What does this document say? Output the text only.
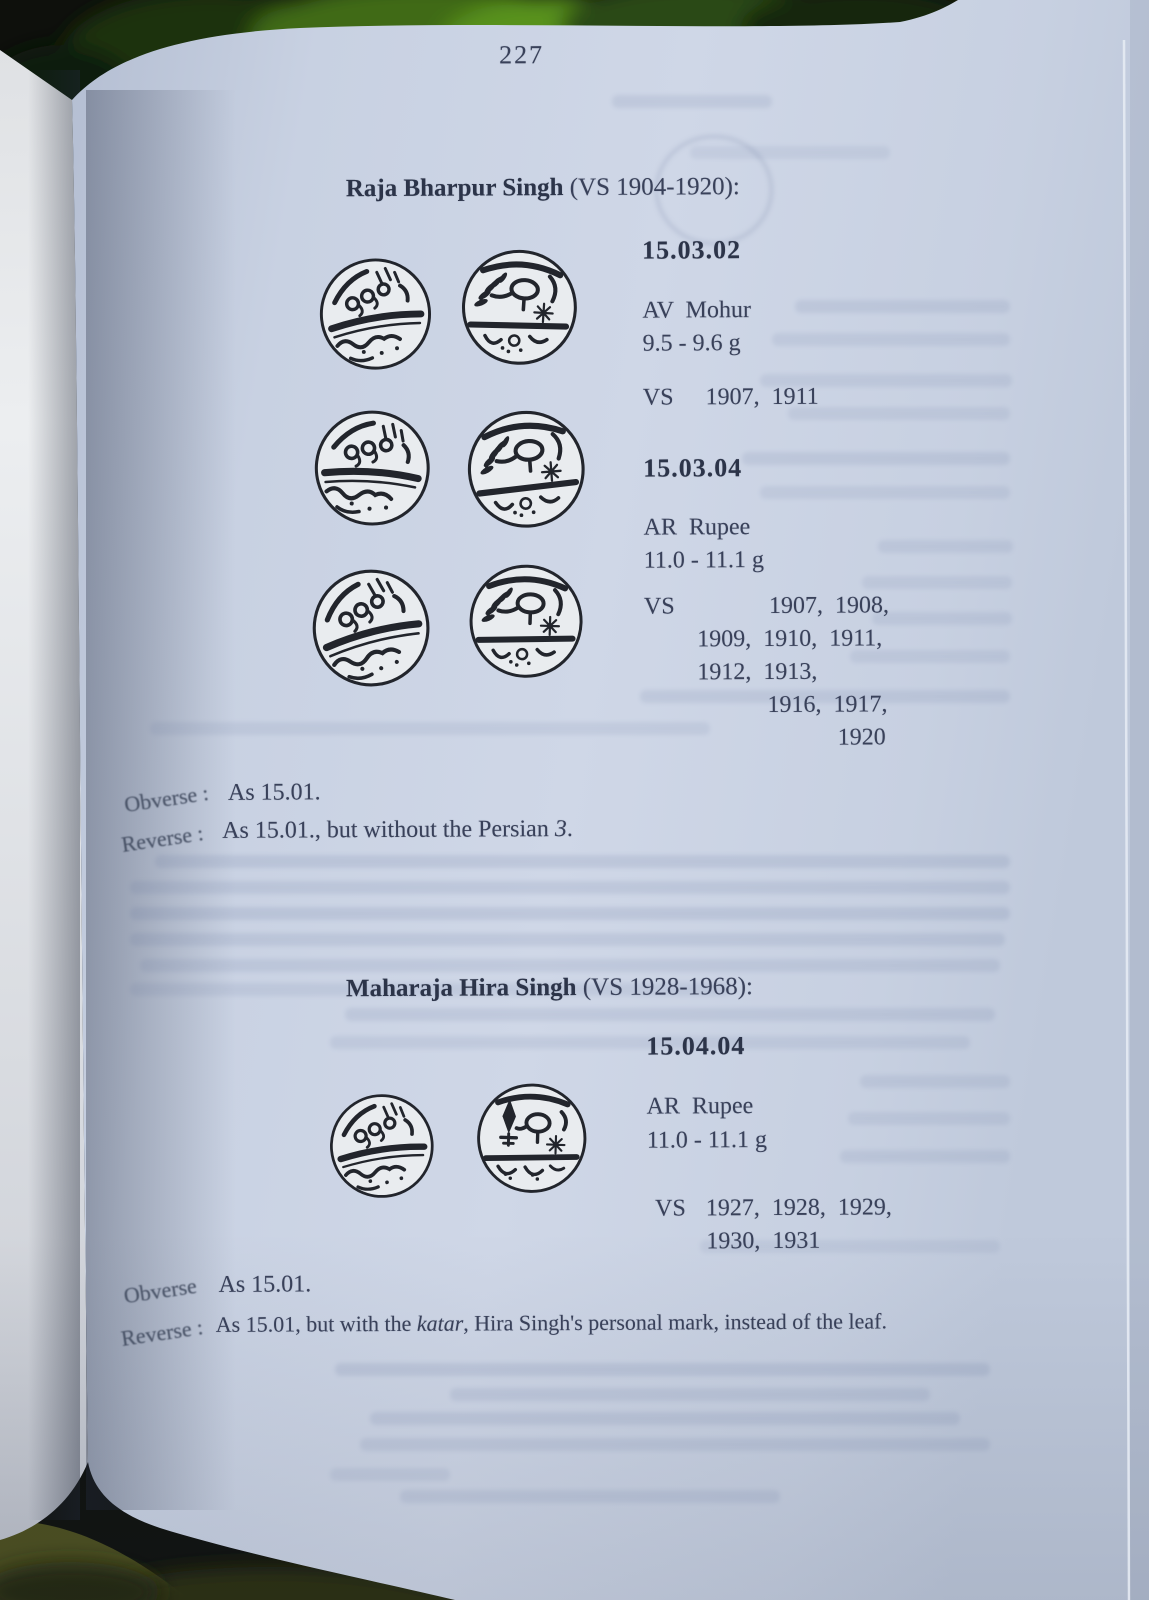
227
Raja Bharpur Singh (VS 1904-1920):
15.03.02
AV  Mohur
9.5 - 9.6 g
VS 1907,  1911
15.03.04
AR  Rupee
11.0 - 11.1 g
VS	1907,  1908,
1909,  1910,  1911,
1912,  1913,
1916,  1917,
1920
Obverse : As 15.01.
Reverse : As 15.01., but without the Persian 3.
Maharaja Hira Singh (VS 1928-1968):
15.04.04
AR  Rupee
11.0 - 11.1 g
VS 1927,  1928,  1929,
1930,  1931
Obverse As 15.01.
Reverse : As 15.01, but with the katar, Hira Singh's personal mark, instead of the leaf.
